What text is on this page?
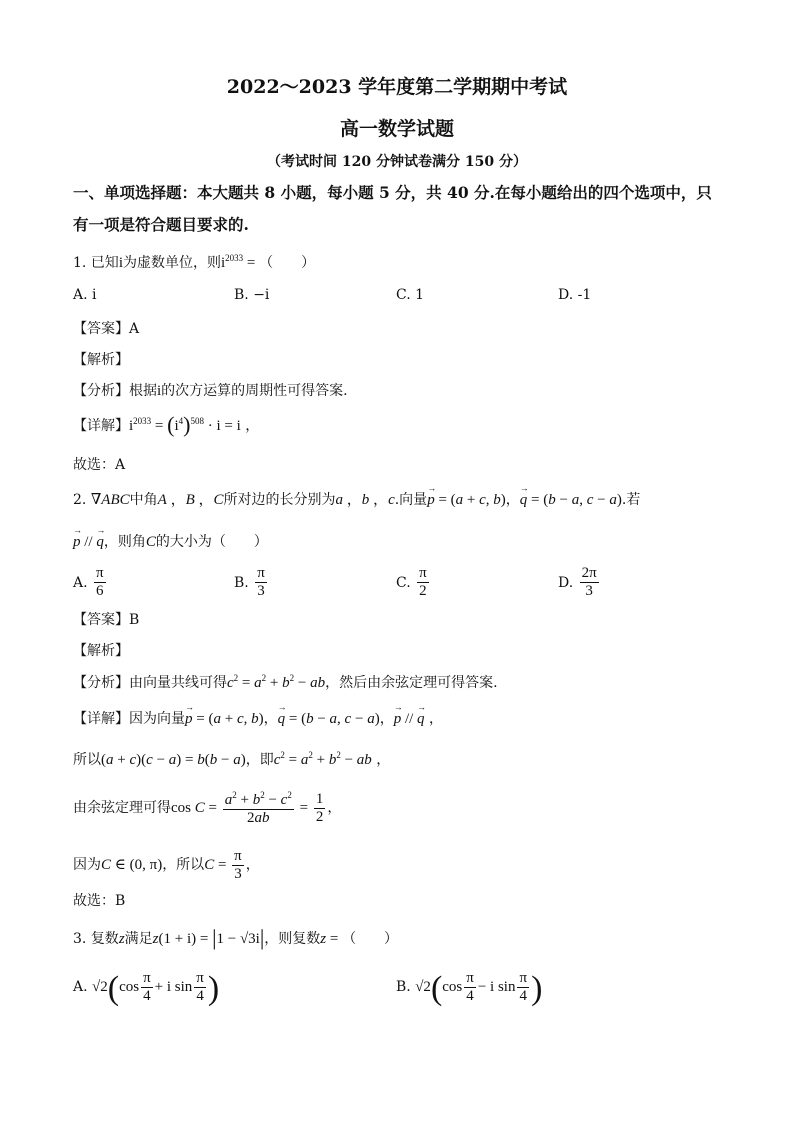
2022～2023 学年度第二学期期中考试
高一数学试题
（考试时间 120 分钟试卷满分 150 分）
一、单项选择题：本大题共 8 小题，每小题 5 分，共 40 分.在每小题给出的四个选项中，只
有一项是符合题目要求的.
1. 已知i为虚数单位，则$i^{2033}$ = （　　）
A. i	B. −i	C. 1	D. -1
【答案】A
【解析】
【分析】根据i的次方运算的周期性可得答案.
【详解】$i^{2033} = (i^4)^{508} \cdot i = i$ ，
故选：A
2. ∇ABC中角A ，B ，C所对边的长分别为a ，b ，c.向量→ p = (a + c, b)，→ q = (b − a, c − a).若
→ p // → q，则角C的大小为（　　）
A. $\frac{\pi}{6}$	B. $\frac{\pi}{3}$	C. $\frac{\pi}{2}$	D. $\frac{2\pi}{3}$
【答案】B
【解析】
【分析】由向量共线可得$c^2 = a^2 + b^2$ − ab，然后由余弦定理可得答案.
【详解】因为向量→ p = (a + c, b)，→ q = (b − a, c − a)，→ p // → q ，
所以(a + c)(c − a) = b(b − a)，即$c^2 = a^2 + b^2$ − ab ，
由余弦定理可得$\cos C = \frac{a^2 + b^2 - c^2}{2ab} = \frac{1}{2}$ ，
因为C ∈ (0, π)，所以$C = \frac{\pi}{3}$ ，
故选：B
3. 复数z满足z(1 + i) = |1 − √3i|，则复数z = （　　）
A. $√2(\cos \frac{\pi}{4} + i$ $\sin \frac{\pi}{4}$ )	B. $√2(\cos \frac{\pi}{4} - i$ $\sin \frac{\pi}{4}$ )
